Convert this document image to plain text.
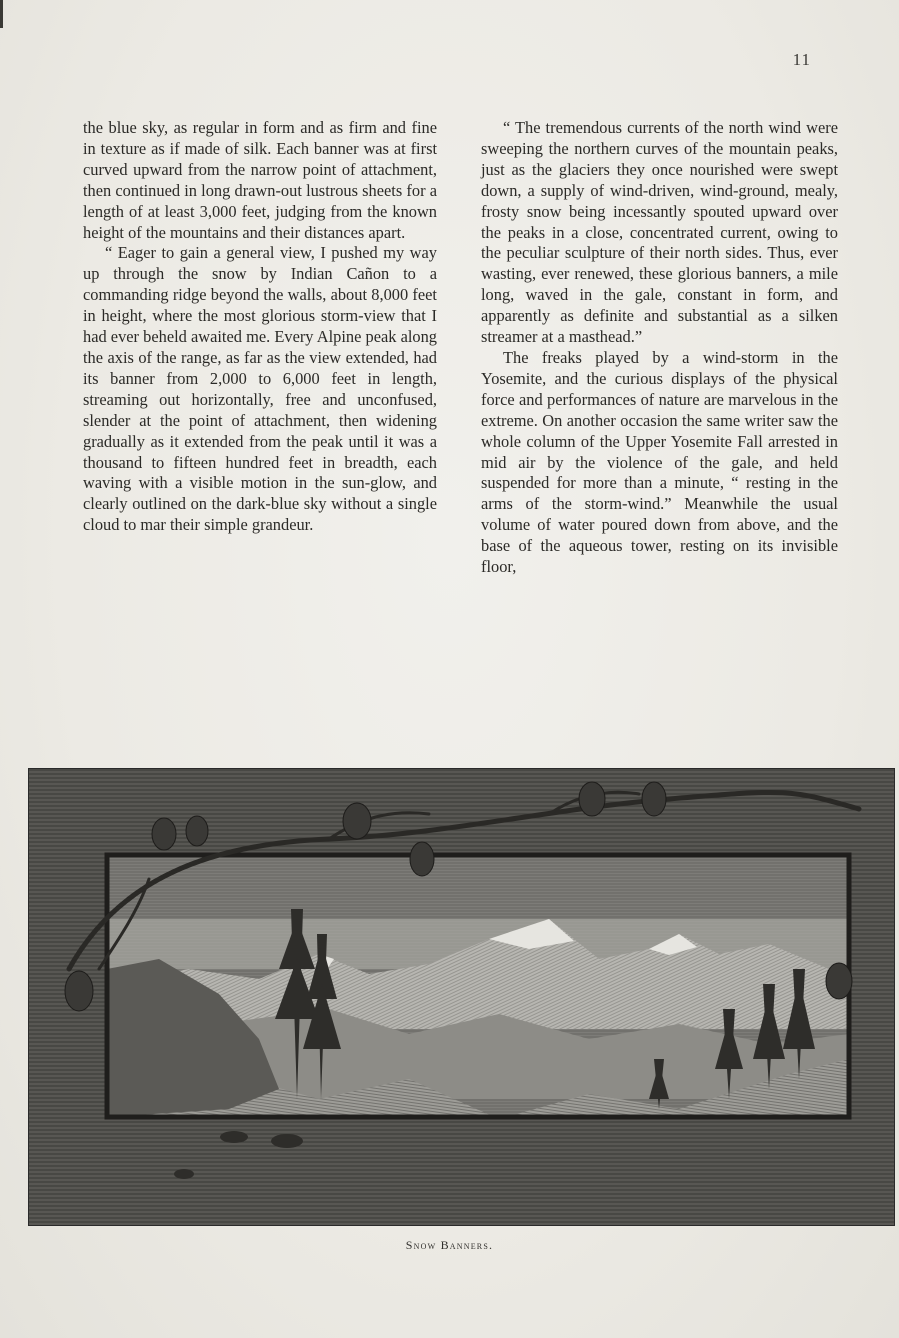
11

the blue sky, as regular in form and as firm and fine in texture as if made of silk. Each banner was at first curved upward from the narrow point of attachment, then continued in long drawn-out lustrous sheets for a length of at least 3,000 feet, judging from the known height of the mountains and their distances apart.

“ Eager to gain a general view, I pushed my way up through the snow by Indian Cañon to a commanding ridge beyond the walls, about 8,000 feet in height, where the most glorious storm-view that I had ever beheld awaited me. Every Alpine peak along the axis of the range, as far as the view extended, had its banner from 2,000 to 6,000 feet in length, streaming out horizontally, free and unconfused, slender at the point of attachment, then widening gradually as it extended from the peak until it was a thousand to fifteen hundred feet in breadth, each waving with a visible motion in the sun-glow, and clearly outlined on the dark-blue sky without a single cloud to mar their simple grandeur.

“ The tremendous currents of the north wind were sweeping the northern curves of the mountain peaks, just as the glaciers they once nourished were swept down, a supply of wind-driven, wind-ground, mealy, frosty snow being incessantly spouted upward over the peaks in a close, concentrated current, owing to the peculiar sculpture of their north sides. Thus, ever wasting, ever renewed, these glorious banners, a mile long, waved in the gale, constant in form, and apparently as definite and substantial as a silken streamer at a masthead.”

The freaks played by a wind-storm in the Yosemite, and the curious displays of the physical force and performances of nature are marvelous in the extreme. On another occasion the same writer saw the whole column of the Upper Yosemite Fall arrested in mid air by the violence of the gale, and held suspended for more than a minute, “ resting in the arms of the storm-wind.” Meanwhile the usual volume of water poured down from above, and the base of the aqueous tower, resting on its invisible floor,

Snow Banners.
